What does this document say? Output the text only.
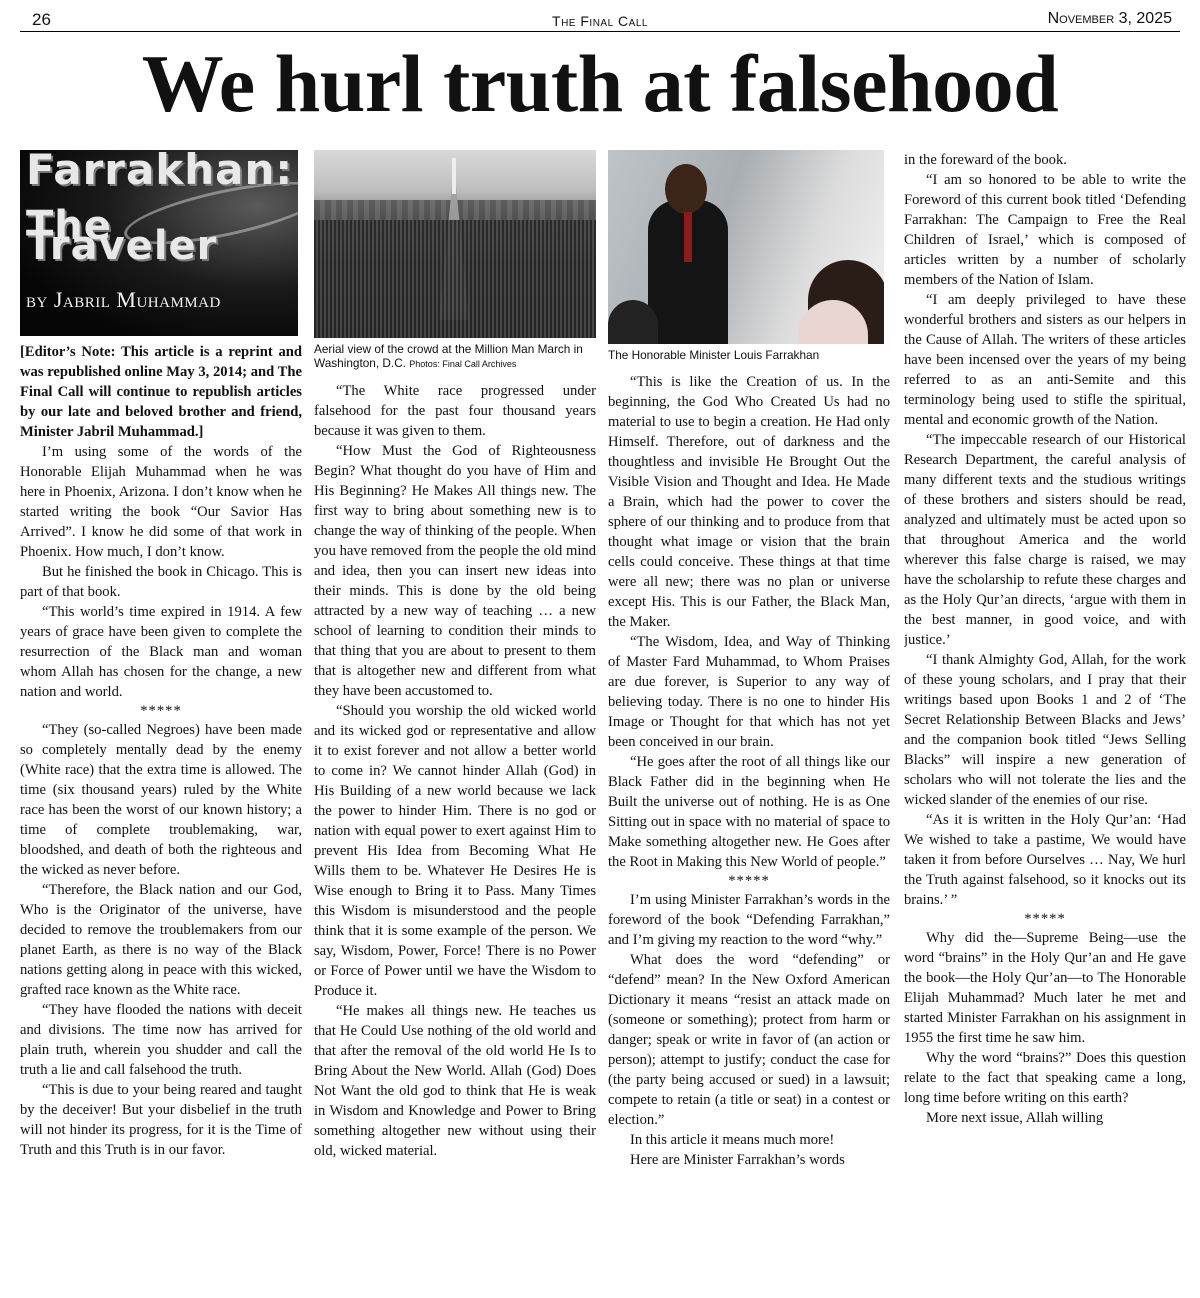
26	The Final Call	November 3, 2025
We hurl truth at falsehood
Farrakhan:
The Traveler
by Jabril Muhammad

[Editor’s Note: This article is a reprint and was republished online May 3, 2014; and The Final Call will continue to republish articles by our late and beloved brother and friend, Minister Jabril Muhammad.]

I’m using some of the words of the Honorable Elijah Muhammad when he was here in Phoenix, Arizona. I don’t know when he started writing the book “Our Savior Has Arrived”. I know he did some of that work in Phoenix. How much, I don’t know.

But he finished the book in Chicago. This is part of that book.

“This world’s time expired in 1914. A few years of grace have been given to complete the resurrection of the Black man and woman whom Allah has chosen for the change, a new nation and world.

*****

“They (so-called Negroes) have been made so completely mentally dead by the enemy (White race) that the extra time is allowed. The time (six thousand years) ruled by the White race has been the worst of our known history; a time of complete troublemaking, war, bloodshed, and death of both the righteous and the wicked as never before.

“Therefore, the Black nation and our God, Who is the Originator of the universe, have decided to remove the troublemakers from our planet Earth, as there is no way of the Black nations getting along in peace with this wicked, grafted race known as the White race.

“They have flooded the nations with deceit and divisions. The time now has arrived for plain truth, wherein you shudder and call the truth a lie and call falsehood the truth.

“This is due to your being reared and taught by the deceiver! But your disbelief in the truth will not hinder its progress, for it is the Time of Truth and this Truth is in our favor.

Aerial view of the crowd at the Million Man March in Washington, D.C. Photos: Final Call Archives

“The White race progressed under falsehood for the past four thousand years because it was given to them.

“How Must the God of Righteousness Begin? What thought do you have of Him and His Beginning? He Makes All things new. The first way to bring about something new is to change the way of thinking of the people. When you have removed from the people the old mind and idea, then you can insert new ideas into their minds. This is done by the old being attracted by a new way of teaching … a new school of learning to condition their minds to that thing that you are about to present to them that is altogether new and different from what they have been accustomed to.

“Should you worship the old wicked world and its wicked god or representative and allow it to exist forever and not allow a better world to come in? We cannot hinder Allah (God) in His Building of a new world because we lack the power to hinder Him. There is no god or nation with equal power to exert against Him to prevent His Idea from Becoming What He Wills them to be. Whatever He Desires He is Wise enough to Bring it to Pass. Many Times this Wisdom is misunderstood and the people think that it is some example of the person. We say, Wisdom, Power, Force! There is no Power or Force of Power until we have the Wisdom to Produce it.

“He makes all things new. He teaches us that He Could Use nothing of the old world and that after the removal of the old world He Is to Bring About the New World. Allah (God) Does Not Want the old god to think that He is weak in Wisdom and Knowledge and Power to Bring something altogether new without using their old, wicked material.

The Honorable Minister Louis Farrakhan

“This is like the Creation of us. In the beginning, the God Who Created Us had no material to use to begin a creation. He Had only Himself. Therefore, out of darkness and the thoughtless and invisible He Brought Out the Visible Vision and Thought and Idea. He Made a Brain, which had the power to cover the sphere of our thinking and to produce from that thought what image or vision that the brain cells could conceive. These things at that time were all new; there was no plan or universe except His. This is our Father, the Black Man, the Maker.

“The Wisdom, Idea, and Way of Thinking of Master Fard Muhammad, to Whom Praises are due forever, is Superior to any way of believing today. There is no one to hinder His Image or Thought for that which has not yet been conceived in our brain.

“He goes after the root of all things like our Black Father did in the beginning when He Built the universe out of nothing. He is as One Sitting out in space with no material of space to Make something altogether new. He Goes after the Root in Making this New World of people.”

*****

I’m using Minister Farrakhan’s words in the foreword of the book “Defending Farrakhan,” and I’m giving my reaction to the word “why.”

What does the word “defending” or “defend” mean? In the New Oxford American Dictionary it means “resist an attack made on (someone or something); protect from harm or danger; speak or write in favor of (an action or person); attempt to justify; conduct the case for (the party being accused or sued) in a lawsuit; compete to retain (a title or seat) in a contest or election.”

In this article it means much more!

Here are Minister Farrakhan’s words

in the foreward of the book.

“I am so honored to be able to write the Foreword of this current book titled ‘Defending Farrakhan: The Campaign to Free the Real Children of Israel,’ which is composed of articles written by a number of scholarly members of the Nation of Islam.

“I am deeply privileged to have these wonderful brothers and sisters as our helpers in the Cause of Allah. The writers of these articles have been incensed over the years of my being referred to as an anti-Semite and this terminology being used to stifle the spiritual, mental and economic growth of the Nation.

“The impeccable research of our Historical Research Department, the careful analysis of many different texts and the studious writings of these brothers and sisters should be read, analyzed and ultimately must be acted upon so that throughout America and the world wherever this false charge is raised, we may have the scholarship to refute these charges and as the Holy Qur’an directs, ‘argue with them in the best manner, in good voice, and with justice.’

“I thank Almighty God, Allah, for the work of these young scholars, and I pray that their writings based upon Books 1 and 2 of ‘The Secret Relationship Between Blacks and Jews’ and the companion book titled “Jews Selling Blacks” will inspire a new generation of scholars who will not tolerate the lies and the wicked slander of the enemies of our rise.

“As it is written in the Holy Qur’an: ‘Had We wished to take a pastime, We would have taken it from before Ourselves … Nay, We hurl the Truth against falsehood, so it knocks out its brains.’ ”

*****

Why did the—Supreme Being—use the word “brains” in the Holy Qur’an and He gave the book—the Holy Qur’an—to The Honorable Elijah Muhammad? Much later he met and started Minister Farrakhan on his assignment in 1955 the first time he saw him.

Why the word “brains?” Does this question relate to the fact that speaking came a long, long time before writing on this earth?

More next issue, Allah willing
